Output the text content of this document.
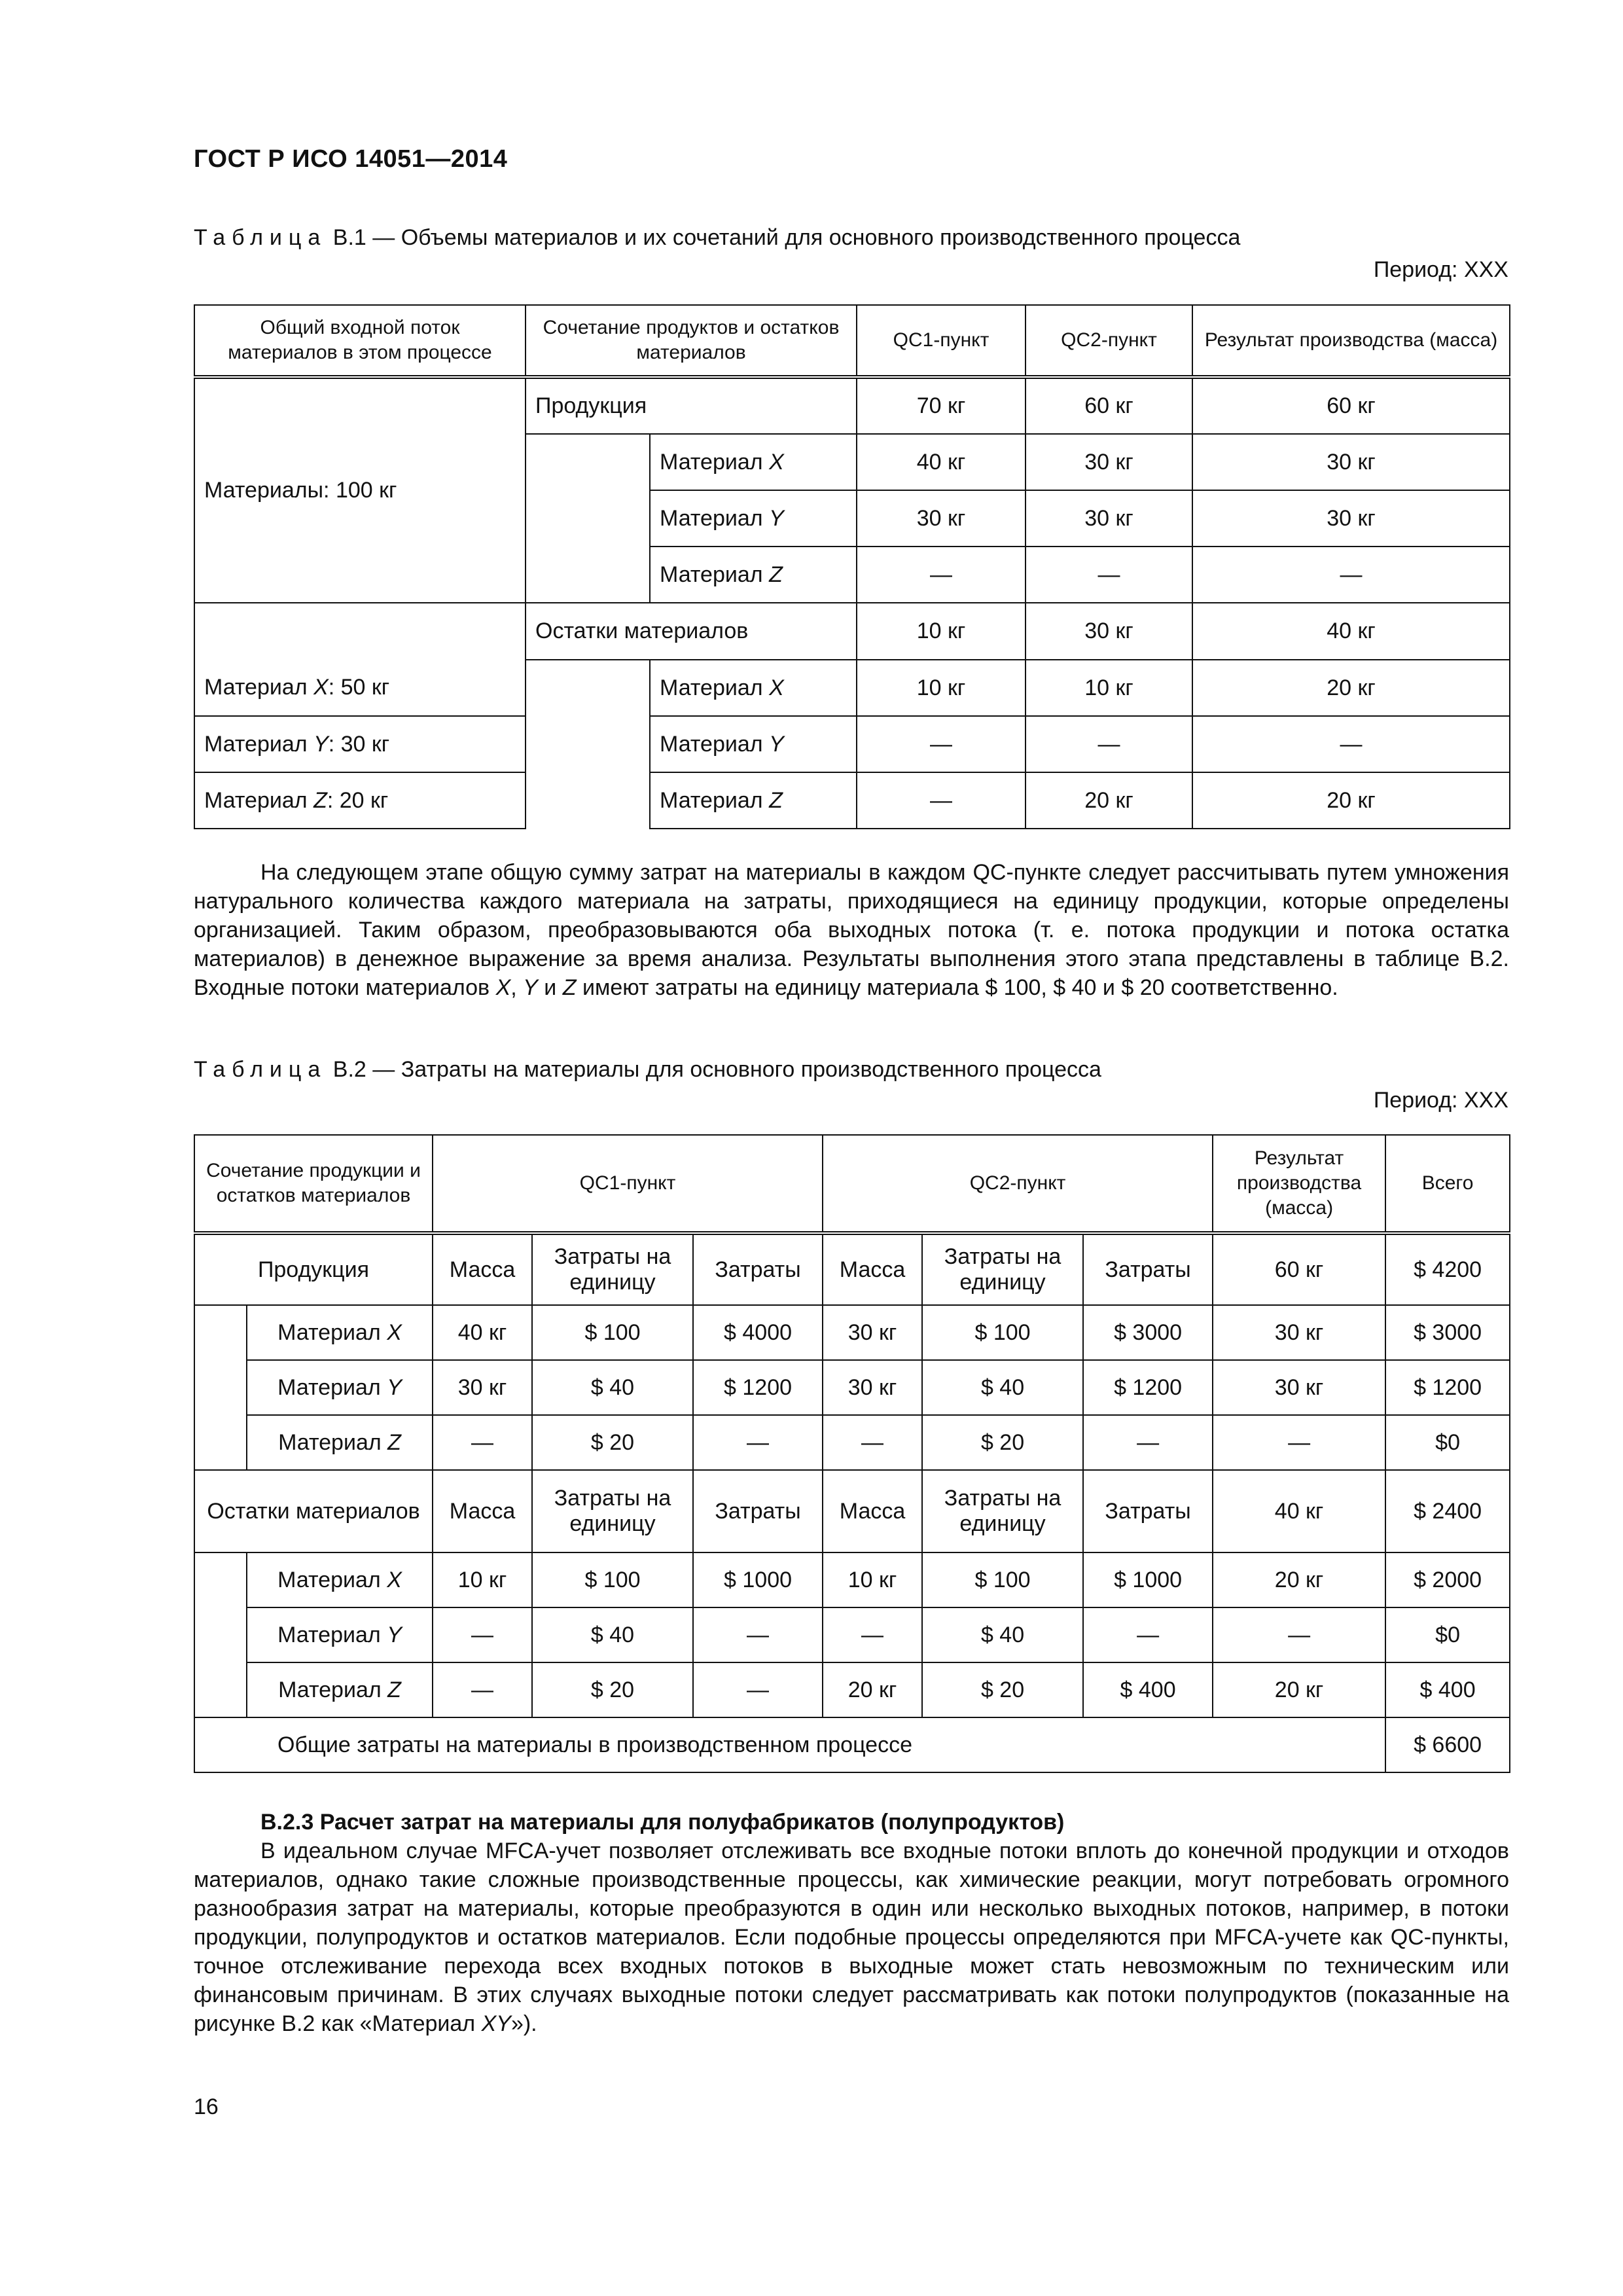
ГОСТ Р ИСО 14051—2014
Таблица В.1 — Объемы материалов и их сочетаний для основного производственного процесса
Период: XXX
Общий входной поток материалов в этом процессе	Сочетание продуктов и остатков материалов		QC1-пункт	QC2-пункт	Результат производства (масса)
Материалы: 100 кг	Продукция		70 кг	60 кг	60 кг
		Материал X	40 кг	30 кг	30 кг
		Материал Y	30 кг	30 кг	30 кг
		Материал Z	—	—	—
	Остатки материалов		10 кг	30 кг	40 кг
Материал X: 50 кг		Материал X	10 кг	10 кг	20 кг
Материал Y: 30 кг		Материал Y	—	—	—
Материал Z: 20 кг		Материал Z	—	20 кг	20 кг
На следующем этапе общую сумму затрат на материалы в каждом QC-пункте следует рассчитывать путем умножения натурального количества каждого материала на затраты, приходящиеся на единицу продукции, которые определены организацией. Таким образом, преобразовываются оба выходных потока (т. е. потока продукции и потока остатка материалов) в денежное выражение за время анализа. Результаты выполнения этого этапа представлены в таблице В.2. Входные потоки материалов X, Y и Z имеют затраты на единицу материала $ 100, $ 40 и $ 20 соответственно.
Таблица В.2 — Затраты на материалы для основного производственного процесса
Период: XXX
Сочетание продукции и остатков материалов		QC1-пункт			QC2-пункт			Результат производства (масса)	Всего
Продукция		Масса	Затраты на единицу	Затраты	Масса	Затраты на единицу	Затраты	60 кг	$ 4200
	Материал X	40 кг	$ 100	$ 4000	30 кг	$ 100	$ 3000	30 кг	$ 3000
	Материал Y	30 кг	$ 40	$ 1200	30 кг	$ 40	$ 1200	30 кг	$ 1200
	Материал Z	—	$ 20	—	—	$ 20	—	—	$0
Остатки материалов		Масса	Затраты на единицу	Затраты	Масса	Затраты на единицу	Затраты	40 кг	$ 2400
	Материал X	10 кг	$ 100	$ 1000	10 кг	$ 100	$ 1000	20 кг	$ 2000
	Материал Y	—	$ 40	—	—	$ 40	—	—	$0
	Материал Z	—	$ 20	—	20 кг	$ 20	$ 400	20 кг	$ 400
Общие затраты на материалы в производственном процессе									$ 6600
В.2.3 Расчет затрат на материалы для полуфабрикатов (полупродуктов)
В идеальном случае MFCA-учет позволяет отслеживать все входные потоки вплоть до конечной продукции и отходов материалов, однако такие сложные производственные процессы, как химические реакции, могут потребовать огромного разнообразия затрат на материалы, которые преобразуются в один или несколько выходных потоков, например, в потоки продукции, полупродуктов и остатков материалов. Если подобные процессы определяются при MFCA-учете как QC-пункты, точное отслеживание перехода всех входных потоков в выходные может стать невозможным по техническим или финансовым причинам. В этих случаях выходные потоки следует рассматривать как потоки полупродуктов (показанные на рисунке В.2 как «Материал XY»).
16
